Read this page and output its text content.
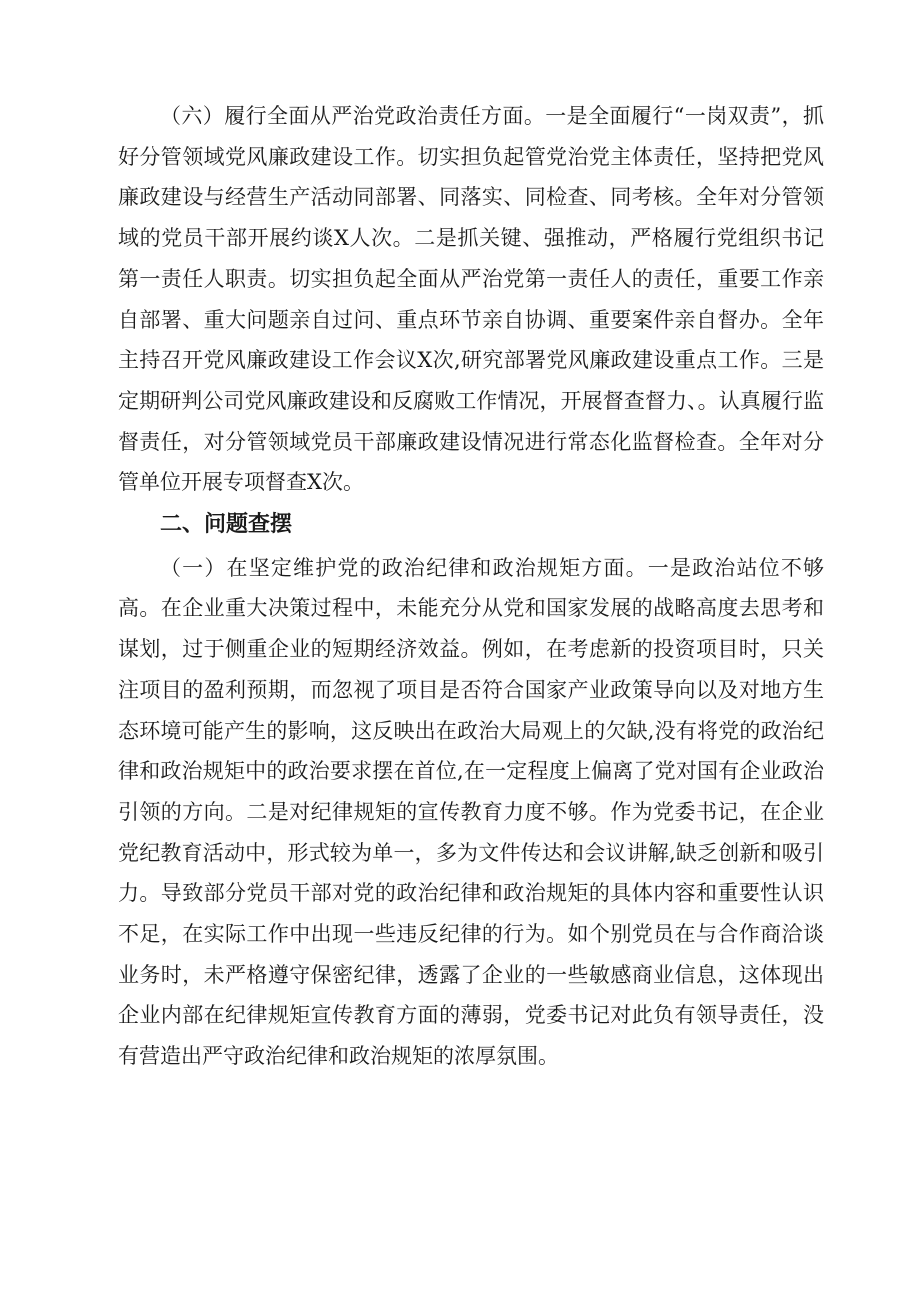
（六）履行全面从严治党政治责任方面。一是全面履行“一岗双责”，抓好分管领域党风廉政建设工作。切实担负起管党治党主体责任，坚持把党风廉政建设与经营生产活动同部署、同落实、同检查、同考核。全年对分管领域的党员干部开展约谈X人次。二是抓关键、强推动，严格履行党组织书记第一责任人职责。切实担负起全面从严治党第一责任人的责任，重要工作亲自部署、重大问题亲自过问、重点环节亲自协调、重要案件亲自督办。全年主持召开党风廉政建设工作会议X次,研究部署党风廉政建设重点工作。三是定期研判公司党风廉政建设和反腐败工作情况，开展督查督力、。认真履行监督责任，对分管领域党员干部廉政建设情况进行常态化监督检查。全年对分管单位开展专项督查X次。

二、问题查摆

（一）在坚定维护党的政治纪律和政治规矩方面。一是政治站位不够高。在企业重大决策过程中，未能充分从党和国家发展的战略高度去思考和谋划，过于侧重企业的短期经济效益。例如，在考虑新的投资项目时，只关注项目的盈利预期，而忽视了项目是否符合国家产业政策导向以及对地方生态环境可能产生的影响，这反映出在政治大局观上的欠缺,没有将党的政治纪律和政治规矩中的政治要求摆在首位,在一定程度上偏离了党对国有企业政治引领的方向。二是对纪律规矩的宣传教育力度不够。作为党委书记，在企业党纪教育活动中，形式较为单一，多为文件传达和会议讲解,缺乏创新和吸引力。导致部分党员干部对党的政治纪律和政治规矩的具体内容和重要性认识不足，在实际工作中出现一些违反纪律的行为。如个别党员在与合作商洽谈业务时，未严格遵守保密纪律，透露了企业的一些敏感商业信息，这体现出企业内部在纪律规矩宣传教育方面的薄弱，党委书记对此负有领导责任，没有营造出严守政治纪律和政治规矩的浓厚氛围。
